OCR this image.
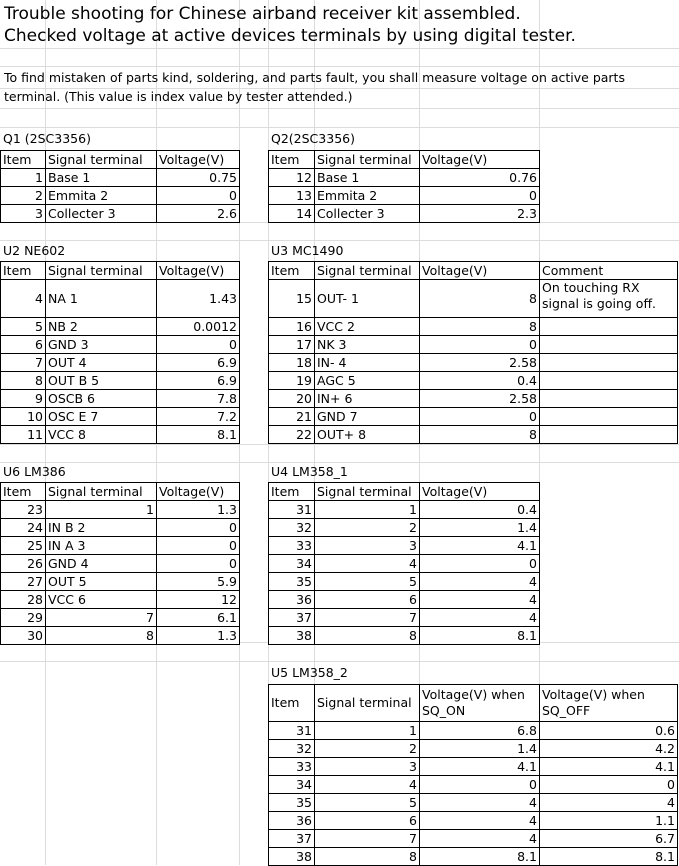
Trouble shooting for Chinese airband receiver kit assembled.
Checked voltage at active devices terminals by using digital tester.
To find mistaken of parts kind, soldering, and parts fault, you shall measure voltage on active parts
terminal. (This value is index value by tester attended.)
Q1 (2SC3356)	Q2(2SC3356)
U2 NE602	U3 MC1490
U6 LM386	U4 LM358_1
U5 LM358_2
Item	Signal terminal	Voltage(V)
1	Base 1	0.75
2	Emmita 2	0
3	Collecter 3	2.6
Item	Signal terminal	Voltage(V)
12	Base 1	0.76
13	Emmita 2	0
14	Collecter 3	2.3
Item	Signal terminal	Voltage(V)
4	NA 1	1.43
5	NB 2	0.0012
6	GND 3	0
7	OUT 4	6.9
8	OUT B 5	6.9
9	OSCB 6	7.8
10	OSC E 7	7.2
11	VCC 8	8.1
Item	Signal terminal	Voltage(V)	Comment
15	OUT- 1	8	On touching RX signal is going off.
16	VCC 2	8	
17	NK 3	0	
18	IN- 4	2.58	
19	AGC 5	0.4	
20	IN+ 6	2.58	
21	GND 7	0	
22	OUT+ 8	8	
Item	Signal terminal	Voltage(V)
23	1	1.3
24	IN B 2	0
25	IN A 3	0
26	GND 4	0
27	OUT 5	5.9
28	VCC 6	12
29	7	6.1
30	8	1.3
Item	Signal terminal	Voltage(V)
31	1	0.4
32	2	1.4
33	3	4.1
34	4	0
35	5	4
36	6	4
37	7	4
38	8	8.1
Item	Signal terminal	Voltage(V) when SQ_ON	Voltage(V) when SQ_OFF
31	1	6.8	0.6
32	2	1.4	4.2
33	3	4.1	4.1
34	4	0	0
35	5	4	4
36	6	4	1.1
37	7	4	6.7
38	8	8.1	8.1
